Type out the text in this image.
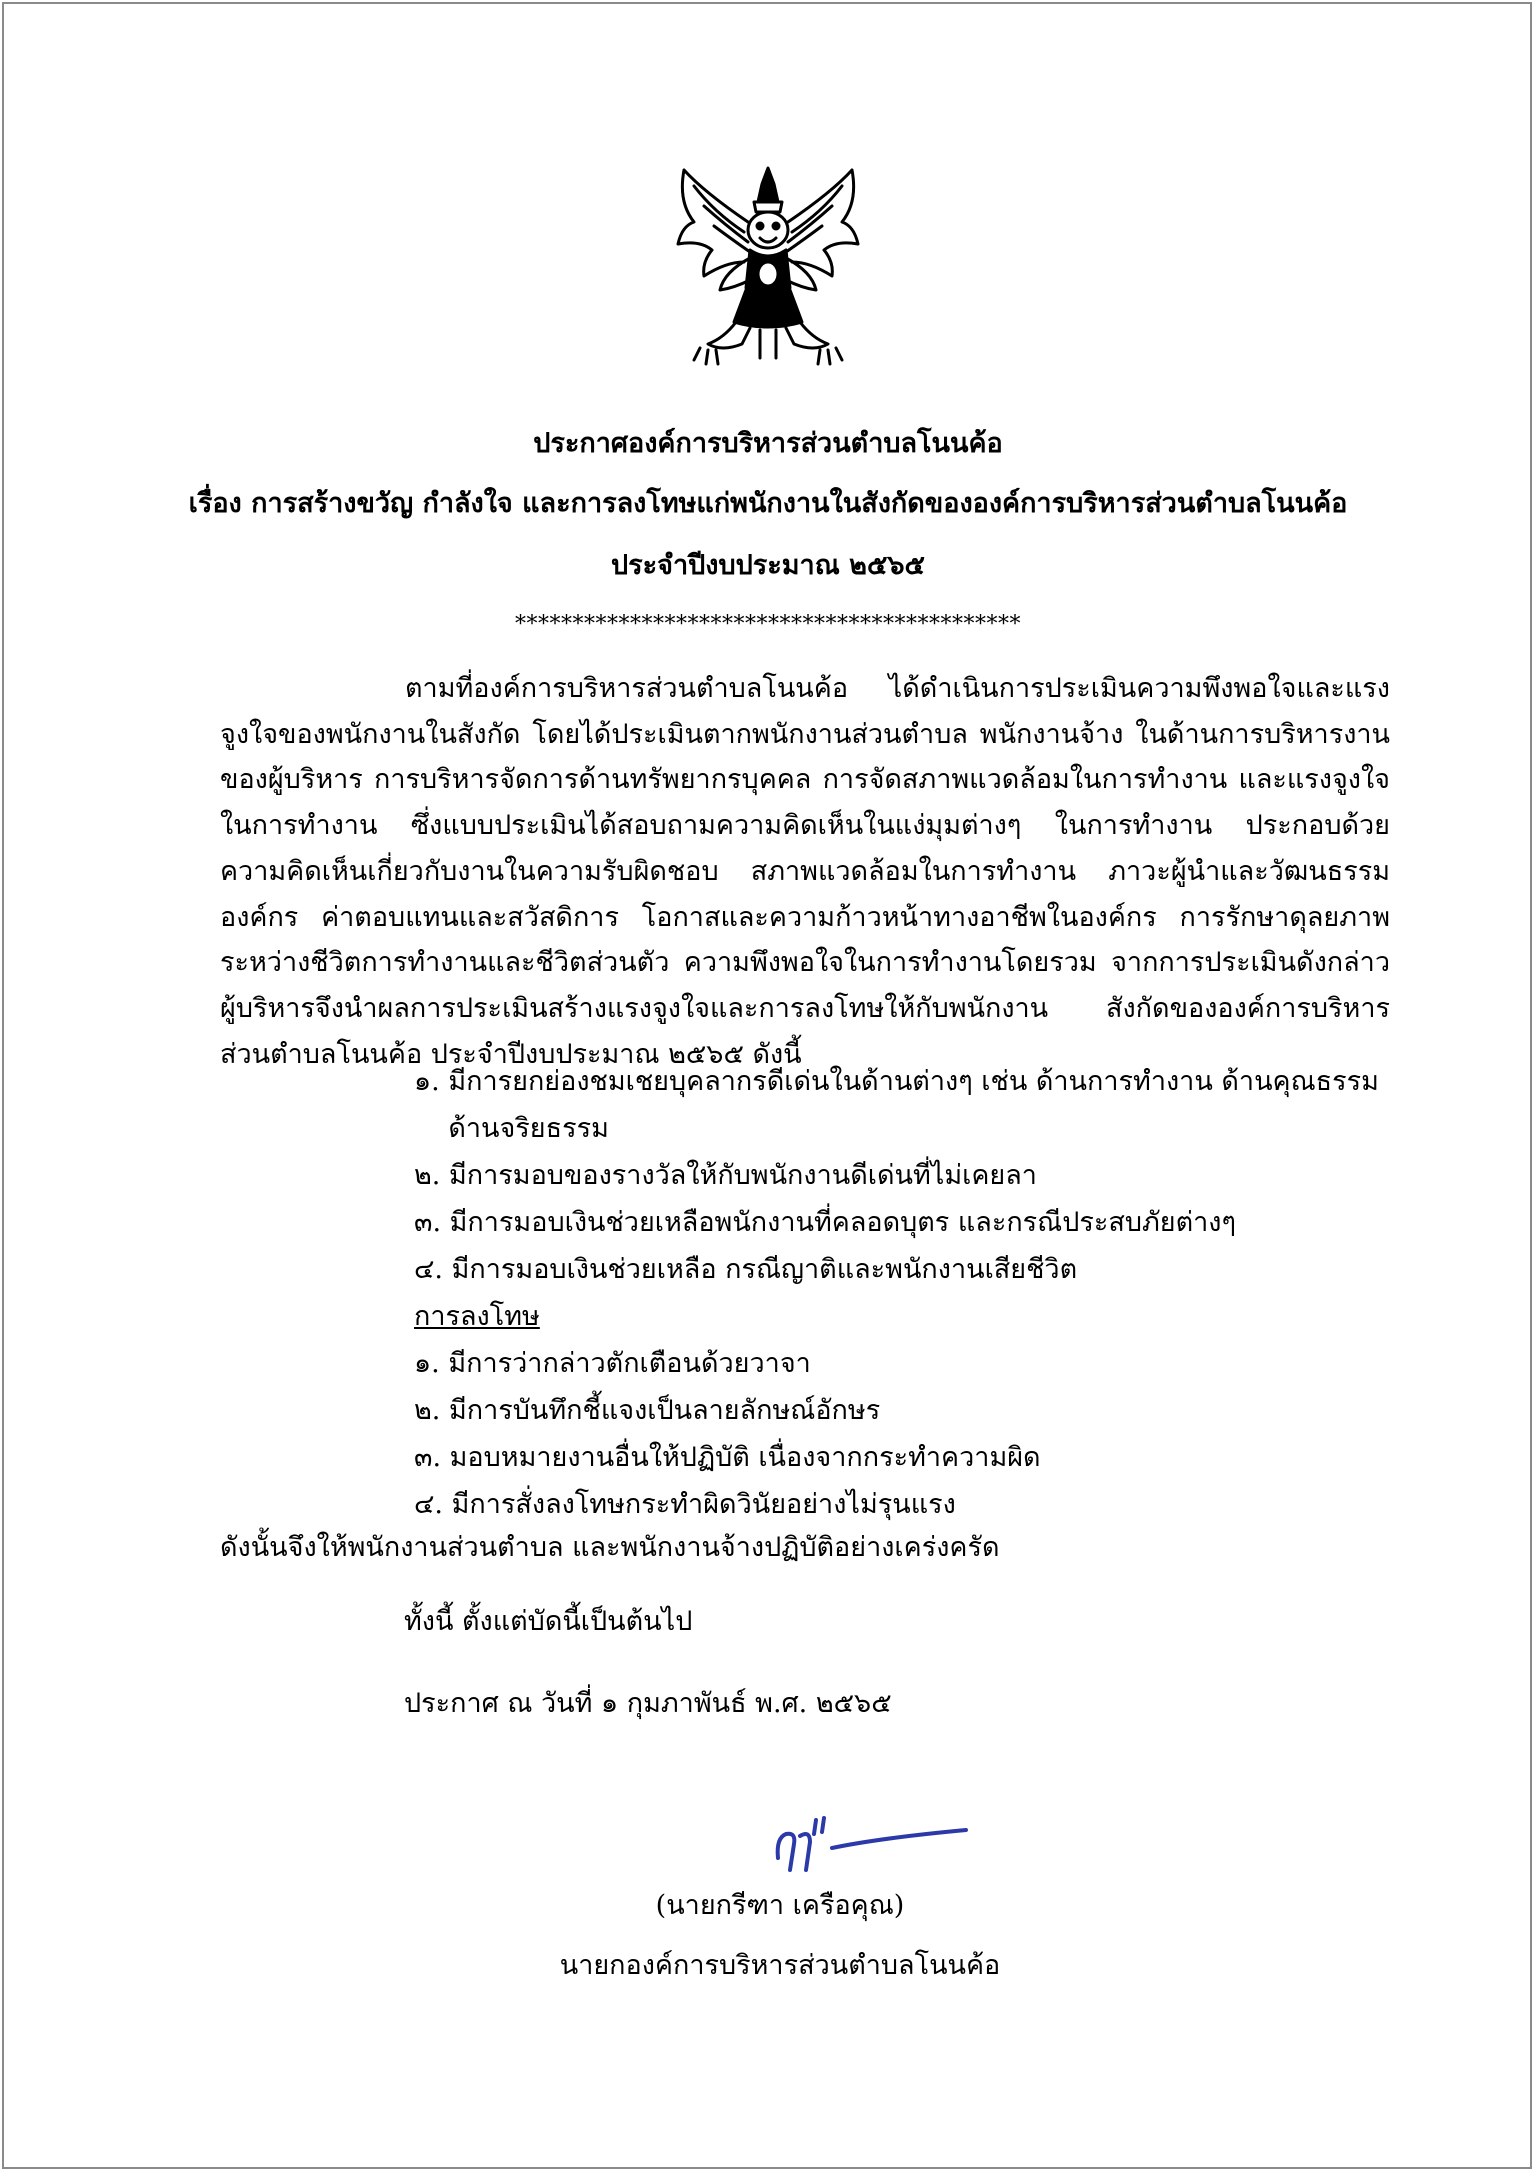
ประกาศองค์การบริหารส่วนตำบลโนนค้อ
เรื่อง การสร้างขวัญ กำลังใจ และการลงโทษแก่พนักงานในสังกัดขององค์การบริหารส่วนตำบลโนนค้อ
ประจำปีงบประมาณ ๒๕๖๕
********************************************
ตามที่องค์การบริหารส่วนตำบลโนนค้อ ได้ดำเนินการประเมินความพึงพอใจและแรงจูงใจของพนักงานในสังกัด โดยได้ประเมินตากพนักงานส่วนตำบล พนักงานจ้าง ในด้านการบริหารงานของผู้บริหาร การบริหารจัดการด้านทรัพยากรบุคคล การจัดสภาพแวดล้อมในการทำงาน และแรงจูงใจในการทำงาน ซึ่งแบบประเมินได้สอบถามความคิดเห็นในแง่มุมต่างๆ ในการทำงาน ประกอบด้วย ความคิดเห็นเกี่ยวกับงานในความรับผิดชอบ สภาพแวดล้อมในการทำงาน ภาวะผู้นำและวัฒนธรรมองค์กร ค่าตอบแทนและสวัสดิการ โอกาสและความก้าวหน้าทางอาชีพในองค์กร การรักษาดุลยภาพระหว่างชีวิตการทำงานและชีวิตส่วนตัว ความพึงพอใจในการทำงานโดยรวม จากการประเมินดังกล่าว ผู้บริหารจึงนำผลการประเมินสร้างแรงจูงใจและการลงโทษให้กับพนักงาน สังกัดขององค์การบริหารส่วนตำบลโนนค้อ ประจำปีงบประมาณ ๒๕๖๕ ดังนี้
๑. มีการยกย่องชมเชยบุคลากรดีเด่นในด้านต่างๆ เช่น ด้านการทำงาน ด้านคุณธรรม ด้านจริยธรรม
๒. มีการมอบของรางวัลให้กับพนักงานดีเด่นที่ไม่เคยลา
๓. มีการมอบเงินช่วยเหลือพนักงานที่คลอดบุตร และกรณีประสบภัยต่างๆ
๔. มีการมอบเงินช่วยเหลือ กรณีญาติและพนักงานเสียชีวิต
การลงโทษ
๑. มีการว่ากล่าวตักเตือนด้วยวาจา
๒. มีการบันทึกชี้แจงเป็นลายลักษณ์อักษร
๓. มอบหมายงานอื่นให้ปฏิบัติ เนื่องจากกระทำความผิด
๔. มีการสั่งลงโทษกระทำผิดวินัยอย่างไม่รุนแรง
ดังนั้นจึงให้พนักงานส่วนตำบล และพนักงานจ้างปฏิบัติอย่างเคร่งครัด
ทั้งนี้ ตั้งแต่บัดนี้เป็นต้นไป
ประกาศ ณ วันที่ ๑ กุมภาพันธ์ พ.ศ. ๒๕๖๕
(นายกรีฑา เครือคุณ)
นายกองค์การบริหารส่วนตำบลโนนค้อ
